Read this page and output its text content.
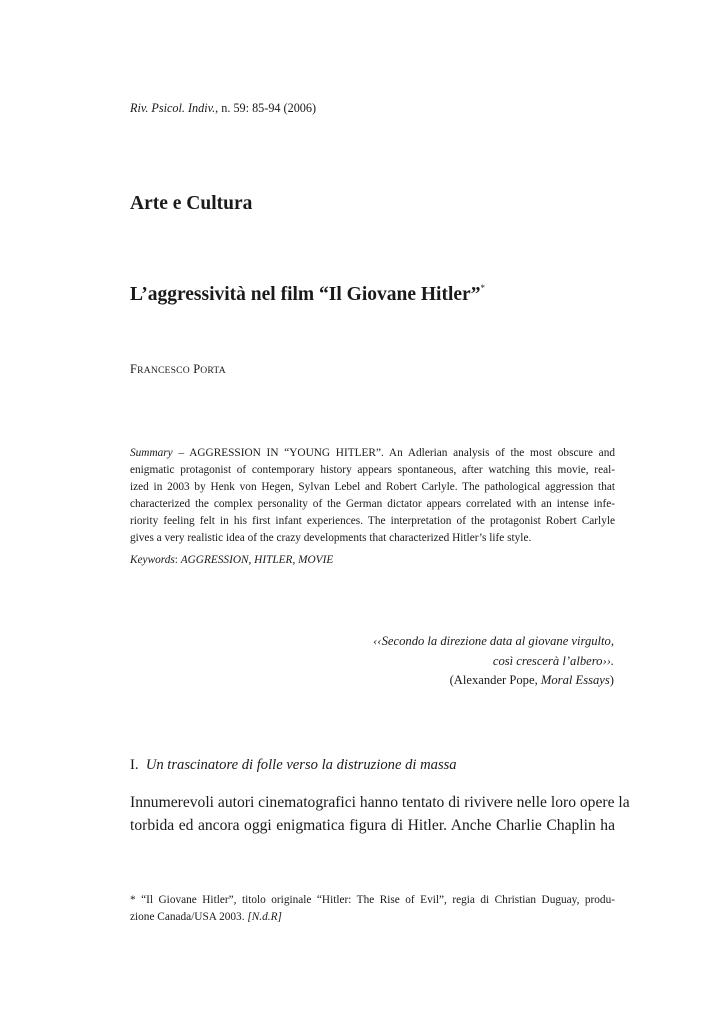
Riv. Psicol. Indiv., n. 59: 85-94 (2006)
Arte e Cultura
L’aggressività nel film “Il Giovane Hitler”*
FRANCESCO PORTA
Summary – AGGRESSION IN “YOUNG HITLER”. An Adlerian analysis of the most obscure and
enigmatic protagonist of contemporary history appears spontaneous, after watching this movie, real-
ized in 2003 by Henk von Hegen, Sylvan Lebel and Robert Carlyle. The pathological aggression that
characterized the complex personality of the German dictator appears correlated with an intense infe-
riority feeling felt in his first infant experiences. The interpretation of the protagonist Robert Carlyle
gives a very realistic idea of the crazy developments that characterized Hitler’s life style.
Keywords: AGGRESSION, HITLER, MOVIE
‹‹Secondo la direzione data al giovane virgulto,
così crescerà l’albero››.
(Alexander Pope, Moral Essays)
I. Un trascinatore di folle verso la distruzione di massa
Innumerevoli autori cinematografici hanno tentato di rivivere nelle loro opere la
torbida ed ancora oggi enigmatica figura di Hitler. Anche Charlie Chaplin ha
* “Il Giovane Hitler”, titolo originale “Hitler: The Rise of Evil”, regia di Christian Duguay, produ-
zione Canada/USA 2003. [N.d.R]
